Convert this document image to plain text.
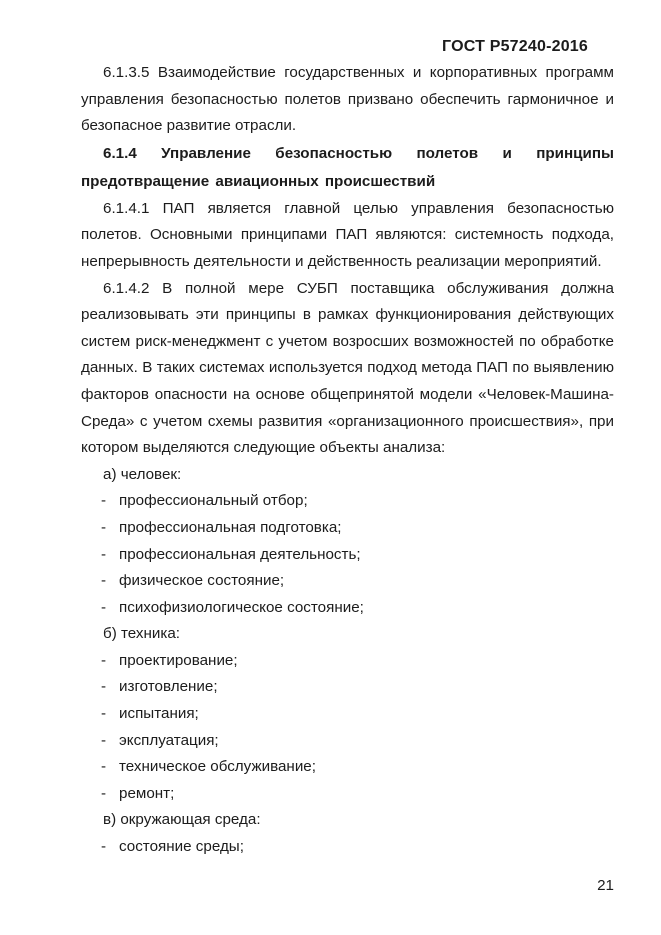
ГОСТ Р57240-2016

6.1.3.5 Взаимодействие государственных и корпоративных программ управления безопасностью полетов призвано обеспечить гармоничное и безопасное развитие отрасли.

6.1.4 Управление безопасностью полетов и принципы предотвращение авиационных происшествий

6.1.4.1 ПАП является главной целью управления безопасностью полетов. Основными принципами ПАП являются: системность подхода, непрерывность деятельности и действенность реализации мероприятий.

6.1.4.2 В полной мере СУБП поставщика обслуживания должна реализовывать эти принципы в рамках функционирования действующих систем риск-менеджмент с учетом возросших возможностей по обработке данных. В таких системах используется подход метода ПАП по выявлению факторов опасности на основе общепринятой модели «Человек-Машина-Среда» с учетом схемы развития «организационного происшествия», при котором выделяются следующие объекты анализа:

а) человек:

- профессиональный отбор;

- профессиональная подготовка;

- профессиональная деятельность;

- физическое состояние;

- психофизиологическое состояние;

б) техника:

- проектирование;

- изготовление;

- испытания;

- эксплуатация;

- техническое обслуживание;

- ремонт;

в) окружающая среда:

- состояние среды;

21
